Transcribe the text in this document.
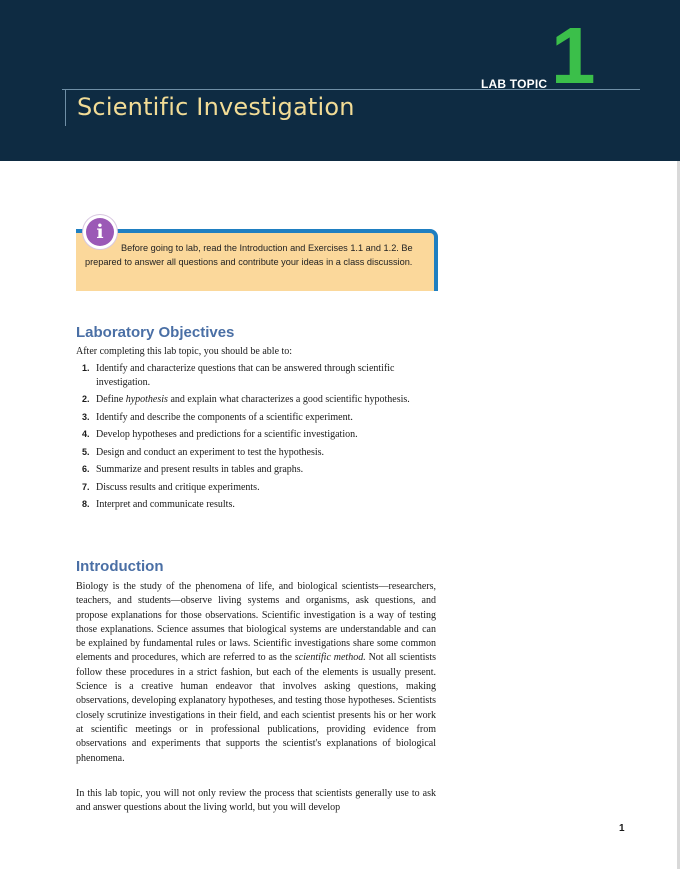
LAB TOPIC 1
Scientific Investigation
Before going to lab, read the Introduction and Exercises 1.1 and 1.2. Be prepared to answer all questions and contribute your ideas in a class discussion.
i
Laboratory Objectives
After completing this lab topic, you should be able to:
1. Identify and characterize questions that can be answered through scientific investigation.
2. Define hypothesis and explain what characterizes a good scientific hypothesis.
3. Identify and describe the components of a scientific experiment.
4. Develop hypotheses and predictions for a scientific investigation.
5. Design and conduct an experiment to test the hypothesis.
6. Summarize and present results in tables and graphs.
7. Discuss results and critique experiments.
8. Interpret and communicate results.
Introduction

Biology is the study of the phenomena of life, and biological scientists—researchers, teachers, and students—observe living systems and organisms, ask questions, and propose explanations for those observations. Scientific investigation is a way of testing those explanations. Science assumes that biological systems are understandable and can be explained by fundamental rules or laws. Scientific investigations share some common elements and procedures, which are referred to as the scientific method. Not all scientists follow these procedures in a strict fashion, but each of the elements is usually present. Science is a creative human endeavor that involves asking questions, making observations, developing explanatory hypotheses, and testing those hypotheses. Scientists closely scrutinize investigations in their field, and each scientist presents his or her work at scientific meetings or in professional publications, providing evidence from observations and experiments that supports the scientist's explanations of biological phenomena.

In this lab topic, you will not only review the process that scientists generally use to ask and answer questions about the living world, but you will develop

1
